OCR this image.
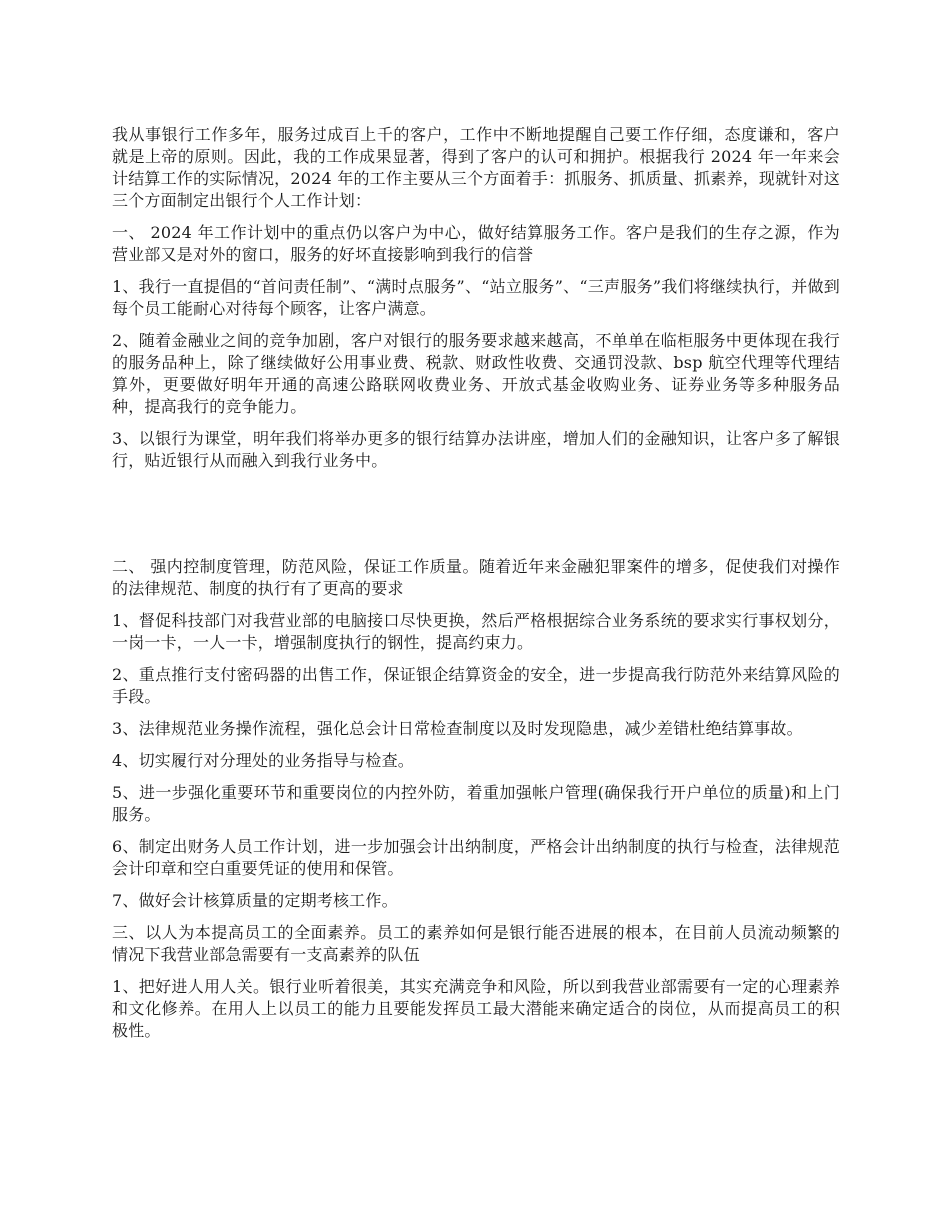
我从事银行工作多年，服务过成百上千的客户，工作中不断地提醒自己要工作仔细，态度谦和，客户就是上帝的原则。因此，我的工作成果显著，得到了客户的认可和拥护。根据我行 2024 年一年来会计结算工作的实际情况，2024 年的工作主要从三个方面着手：抓服务、抓质量、抓素养，现就针对这三个方面制定出银行个人工作计划：

一、 2024 年工作计划中的重点仍以客户为中心，做好结算服务工作。客户是我们的生存之源，作为营业部又是对外的窗口，服务的好坏直接影响到我行的信誉

1、我行一直提倡的“首问责任制”、“满时点服务”、“站立服务”、“三声服务”我们将继续执行，并做到每个员工能耐心对待每个顾客，让客户满意。

2、随着金融业之间的竞争加剧，客户对银行的服务要求越来越高，不单单在临柜服务中更体现在我行的服务品种上，除了继续做好公用事业费、税款、财政性收费、交通罚没款、bsp 航空代理等代理结算外，更要做好明年开通的高速公路联网收费业务、开放式基金收购业务、证券业务等多种服务品种，提高我行的竞争能力。

3、以银行为课堂，明年我们将举办更多的银行结算办法讲座，增加人们的金融知识，让客户多了解银行，贴近银行从而融入到我行业务中。

二、 强内控制度管理，防范风险，保证工作质量。随着近年来金融犯罪案件的增多，促使我们对操作的法律规范、制度的执行有了更高的要求

1、督促科技部门对我营业部的电脑接口尽快更换，然后严格根据综合业务系统的要求实行事权划分，一岗一卡，一人一卡，增强制度执行的钢性，提高约束力。

2、重点推行支付密码器的出售工作，保证银企结算资金的安全，进一步提高我行防范外来结算风险的手段。

3、法律规范业务操作流程，强化总会计日常检查制度以及时发现隐患，减少差错杜绝结算事故。

4、切实履行对分理处的业务指导与检查。

5、进一步强化重要环节和重要岗位的内控外防，着重加强帐户管理(确保我行开户单位的质量)和上门服务。

6、制定出财务人员工作计划，进一步加强会计出纳制度，严格会计出纳制度的执行与检查，法律规范会计印章和空白重要凭证的使用和保管。

7、做好会计核算质量的定期考核工作。

三、以人为本提高员工的全面素养。员工的素养如何是银行能否进展的根本，在目前人员流动频繁的情况下我营业部急需要有一支高素养的队伍

1、把好进人用人关。银行业听着很美，其实充满竞争和风险，所以到我营业部需要有一定的心理素养和文化修养。在用人上以员工的能力且要能发挥员工最大潜能来确定适合的岗位，从而提高员工的积极性。
